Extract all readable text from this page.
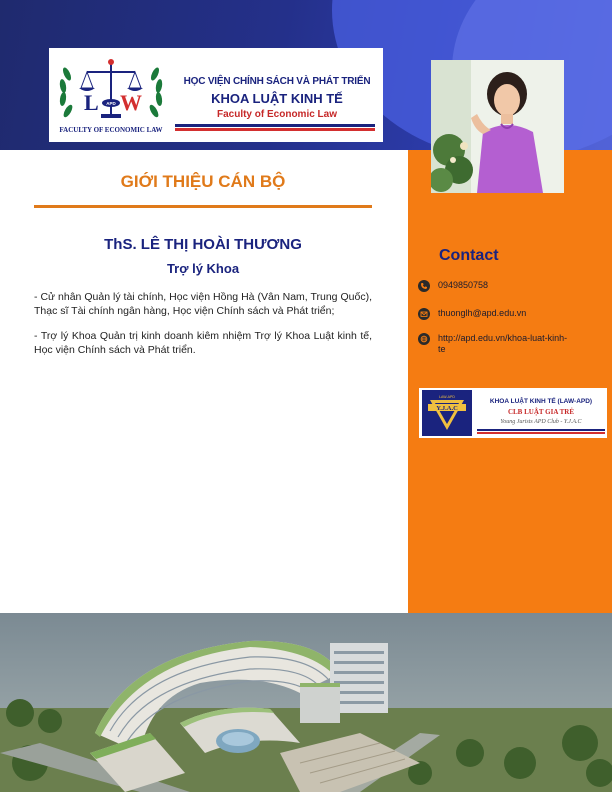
L W
APD
FACULTY OF ECONOMIC LAW
HỌC VIỆN CHÍNH SÁCH VÀ PHÁT TRIỂN
KHOA LUẬT KINH TẾ
Faculty of Economic Law
GIỚI THIỆU CÁN BỘ
ThS. LÊ THỊ HOÀI THƯƠNG
Trợ lý Khoa

- Cử nhân Quản lý tài chính, Học viện Hồng Hà (Vân Nam, Trung Quốc), Thạc sĩ Tài chính ngân hàng, Học viện Chính sách và Phát triển;

- Trợ lý Khoa Quản trị kinh doanh kiêm nhiệm Trợ lý Khoa Luật kinh tế, Học viện Chính sách và Phát triển.

Contact
0949850758
thuonglh@apd.edu.vn
http://apd.edu.vn/khoa-luat-kinh-te
Y.J.A.C
LAW-APD
KHOA LUẬT KINH TẾ (LAW-APD)
CLB LUẬT GIA TRẺ
Young Jurists APD Club - Y.J.A.C
